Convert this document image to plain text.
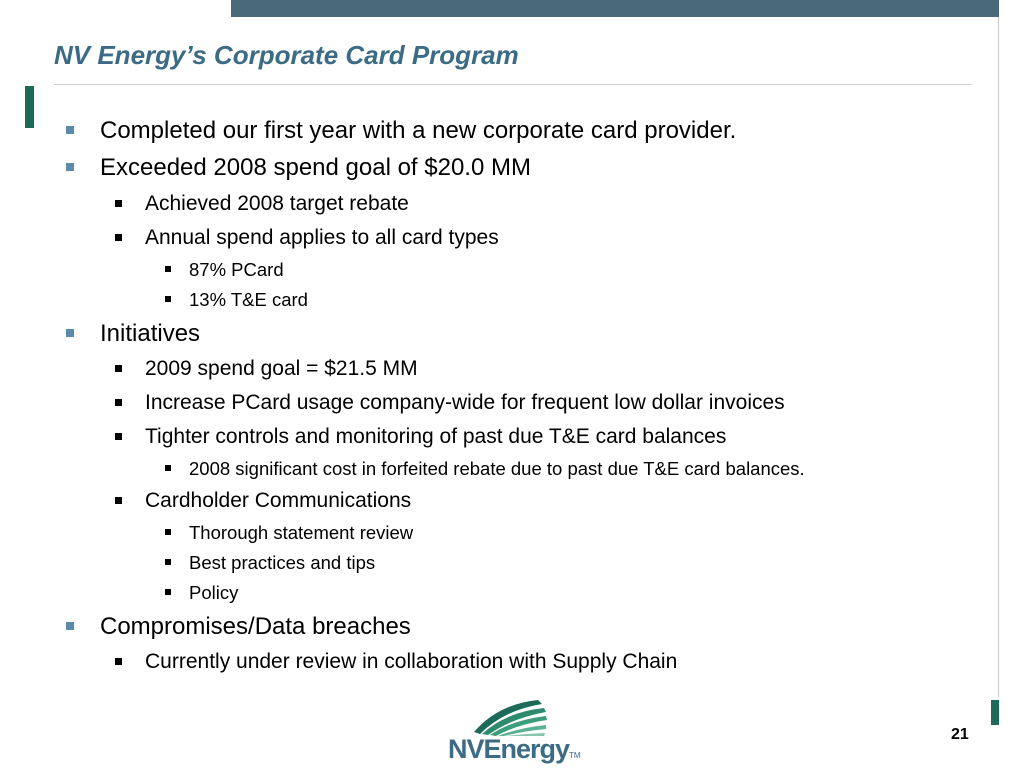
NV Energy’s Corporate Card Program
Completed our first year with a new corporate card provider.
Exceeded 2008 spend goal of $20.0 MM
Achieved 2008 target rebate
Annual spend applies to all card types
87% PCard
13% T&E card
Initiatives
2009 spend goal = $21.5 MM
Increase PCard usage company-wide for frequent low dollar invoices
Tighter controls and monitoring of past due T&E card balances
2008 significant cost in forfeited rebate due to past due T&E card balances.
Cardholder Communications
Thorough statement review
Best practices and tips
Policy
Compromises/Data breaches
Currently under review in collaboration with Supply Chain
NVEnergyTM
21
